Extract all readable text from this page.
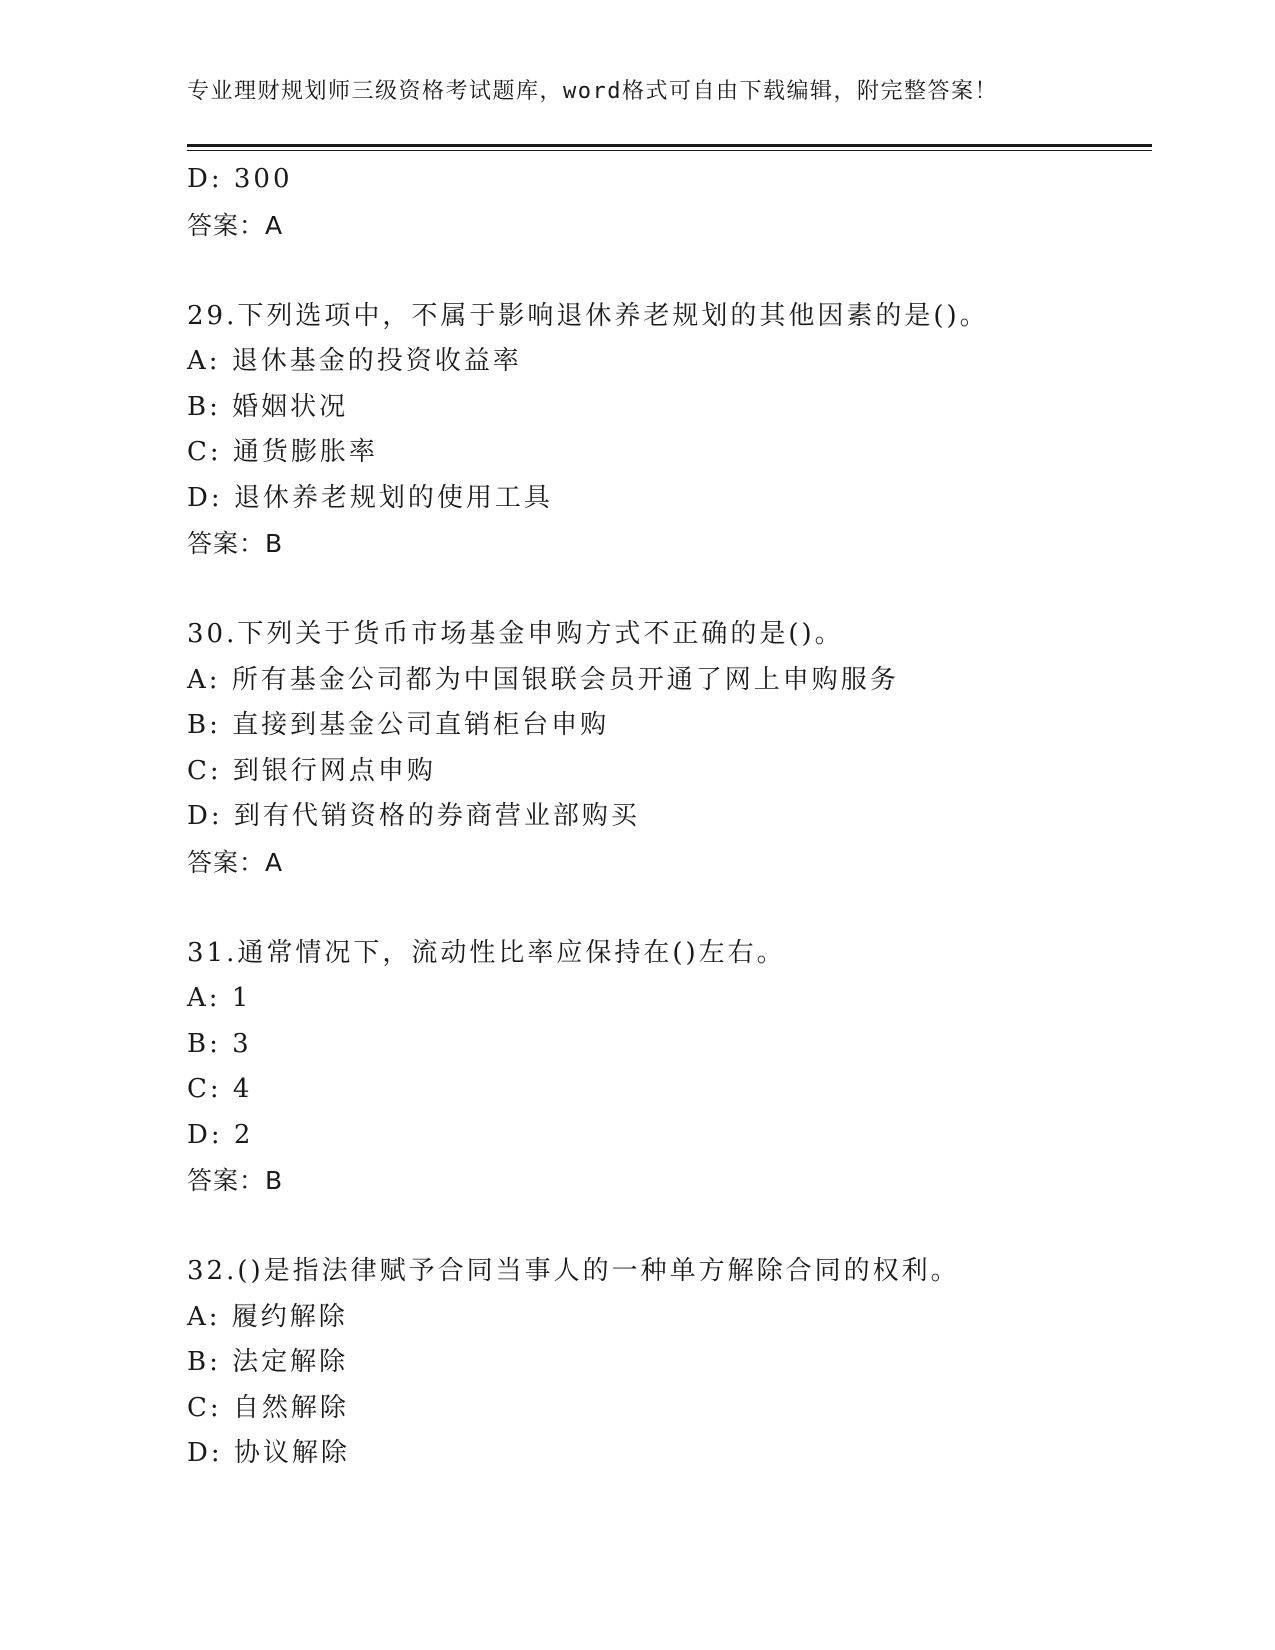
专业理财规划师三级资格考试题库，word格式可自由下载编辑，附完整答案！
D: 300
答案：A
29.下列选项中，不属于影响退休养老规划的其他因素的是()。
A: 退休基金的投资收益率
B: 婚姻状况
C: 通货膨胀率
D: 退休养老规划的使用工具
答案：B
30.下列关于货币市场基金申购方式不正确的是()。
A: 所有基金公司都为中国银联会员开通了网上申购服务
B: 直接到基金公司直销柜台申购
C: 到银行网点申购
D: 到有代销资格的券商营业部购买
答案：A
31.通常情况下，流动性比率应保持在()左右。
A: 1
B: 3
C: 4
D: 2
答案：B
32.()是指法律赋予合同当事人的一种单方解除合同的权利。
A: 履约解除
B: 法定解除
C: 自然解除
D: 协议解除
